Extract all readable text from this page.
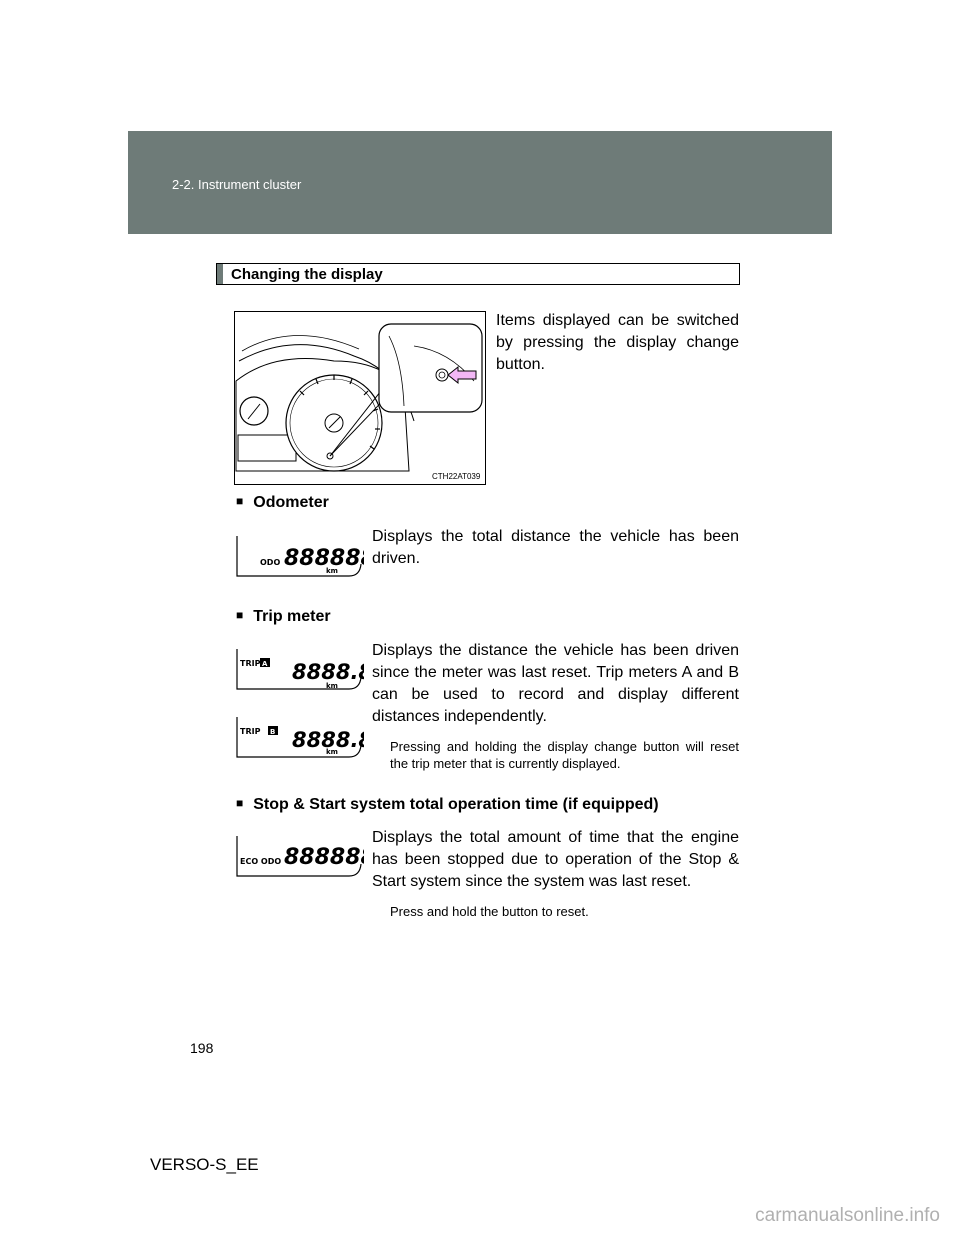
2-2. Instrument cluster
Changing the display
CTH22AT039
Items displayed can be switched by pressing the display change button.
■ Odometer
Displays the total distance the vehicle has been driven.
ODO 88888
km
■ Trip meter
Displays the distance the vehicle has been driven since the meter was last reset. Trip meters A and B can be used to record and display different distances independently.
TRIP A 8888.
km
TRIP B 8888.
km	Pressing and holding the display change button will reset the trip meter that is currently displayed.
■ Stop & Start system total operation time (if equipped)
Displays the total amount of time that the engine has been stopped due to operation of the Stop & Start system since the system was last reset.
ECO ODO 88888
Press and hold the button to reset.
198
VERSO-S_EE
carmanualsonline.info
